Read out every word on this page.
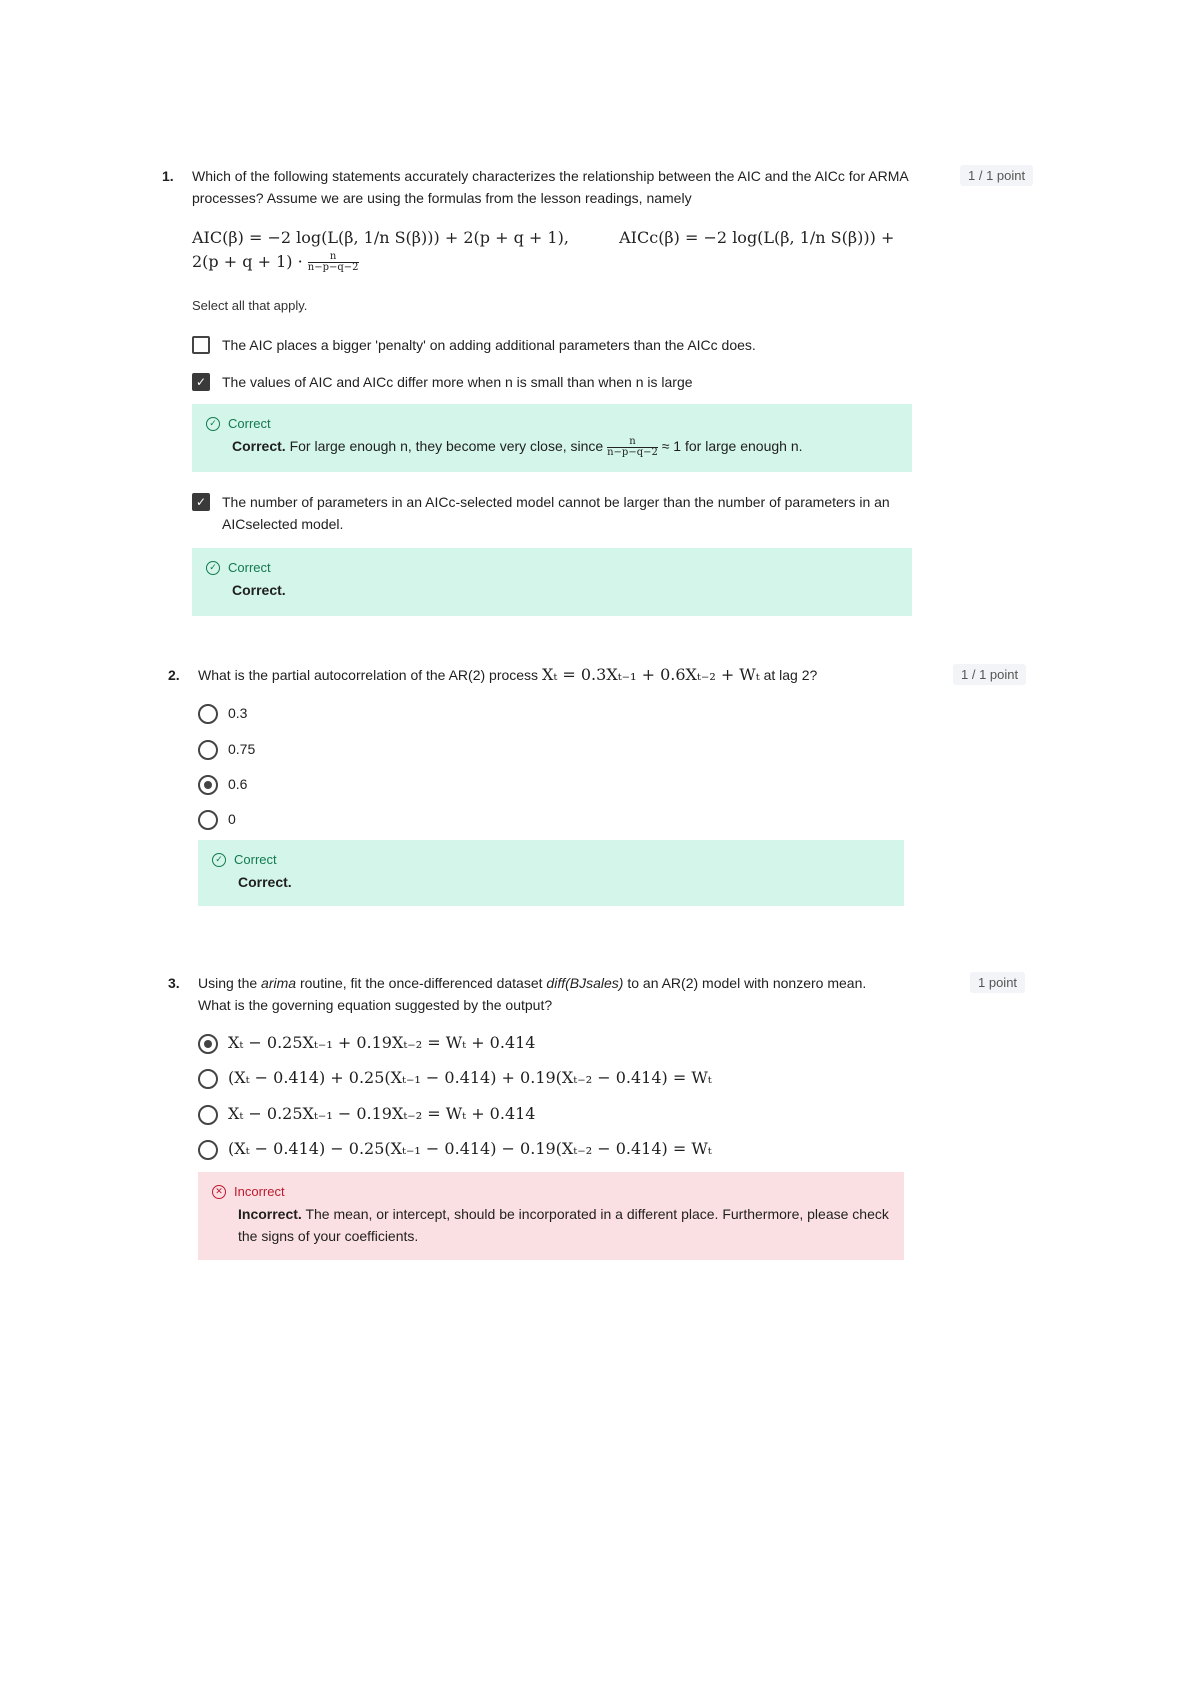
1. Which of the following statements accurately characterizes the relationship between the AIC and the AICc for ARMA processes? Assume we are using the formulas from the lesson readings, namely
1 / 1 point
AIC(β) = −2 log(L(β, 1/n S(β))) + 2(p + q + 1),	AICc(β) = −2 log(L(β, 1/n S(β))) +
$2(p + q + 1) \cdot \frac{n}{n-p-q-2}$
Select all that apply.
The AIC places a bigger 'penalty' on adding additional parameters than the AICc does.
✓
The values of AIC and AICc differ more when n is small than when n is large
✓ Correct
Correct. For large enough n, they become very close, since $\frac{n}{n-p-q-2} \approx 1$ for large enough n.
✓
The number of parameters in an AICc-selected model cannot be larger than the number of parameters in an AICselected model.
✓ Correct
Correct.
2. What is the partial autocorrelation of the AR(2) process Xₜ = 0.3Xₜ₋₁ + 0.6Xₜ₋₂ + Wₜ at lag 2?	1 / 1 point
0.3
0.75
0.6
0
✓ Correct
Correct.
3. Using the arima routine, fit the once-differenced dataset diff(BJsales) to an AR(2) model with nonzero mean. What is the governing equation suggested by the output?
1 point
Xₜ − 0.25Xₜ₋₁ + 0.19Xₜ₋₂ = Wₜ + 0.414
(Xₜ − 0.414) + 0.25(Xₜ₋₁ − 0.414) + 0.19(Xₜ₋₂ − 0.414) = Wₜ
Xₜ − 0.25Xₜ₋₁ − 0.19Xₜ₋₂ = Wₜ + 0.414
(Xₜ − 0.414) − 0.25(Xₜ₋₁ − 0.414) − 0.19(Xₜ₋₂ − 0.414) = Wₜ
✕ Incorrect
Incorrect. The mean, or intercept, should be incorporated in a different place. Furthermore, please check the signs of your coefficients.
